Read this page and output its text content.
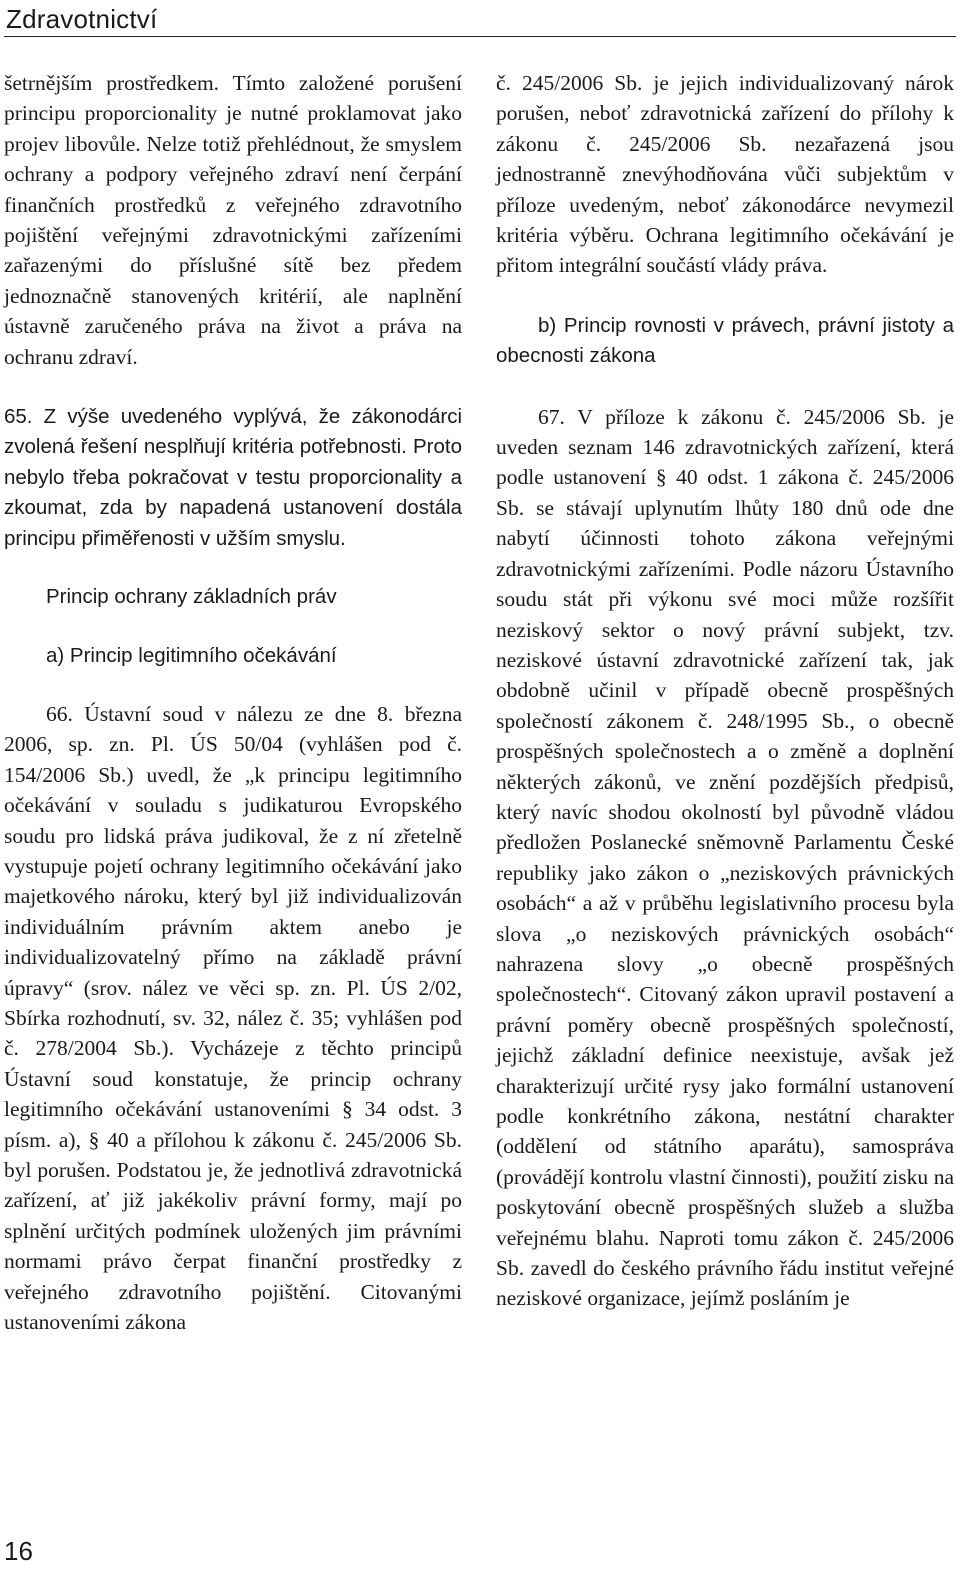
Zdravotnictví

šetrnějším prostředkem. Tímto založené porušení principu proporcionality je nutné proklamovat jako projev libovůle. Nelze totiž přehlédnout, že smyslem ochrany a podpory veřejného zdraví není čerpání finančních prostředků z veřejného zdravotního pojištění veřejnými zdravotnickými zařízeními zařazenými do příslušné sítě bez předem jednoznačně stanovených kritérií, ale naplnění ústavně zaručeného práva na život a práva na ochranu zdraví.

65. Z výše uvedeného vyplývá, že zákonodárci zvolená řešení nesplňují kritéria potřebnosti. Proto nebylo třeba pokračovat v testu proporcionality a zkoumat, zda by napadená ustanovení dostála principu přiměřenosti v užším smyslu.

Princip ochrany základních práv

a) Princip legitimního očekávání

66. Ústavní soud v nálezu ze dne 8. března 2006, sp. zn. Pl. ÚS 50/04 (vyhlášen pod č. 154/2006 Sb.) uvedl, že „k principu legitimního očekávání v souladu s judikaturou Evropského soudu pro lidská práva judikoval, že z ní zřetelně vystupuje pojetí ochrany legitimního očekávání jako majetkového nároku, který byl již individualizován individuálním právním aktem anebo je individualizovatelný přímo na základě právní úpravy“ (srov. nález ve věci sp. zn. Pl. ÚS 2/02, Sbírka rozhodnutí, sv. 32, nález č. 35; vyhlášen pod č. 278/2004 Sb.). Vycházeje z těchto principů Ústavní soud konstatuje, že princip ochrany legitimního očekávání ustanoveními § 34 odst. 3 písm. a), § 40 a přílohou k zákonu č. 245/2006 Sb. byl porušen. Podstatou je, že jednotlivá zdravotnická zařízení, ať již jakékoliv právní formy, mají po splnění určitých podmínek uložených jim právními normami právo čerpat finanční prostředky z veřejného zdravotního pojištění. Citovanými ustanoveními zákona

č. 245/2006 Sb. je jejich individualizovaný nárok porušen, neboť zdravotnická zařízení do přílohy k zákonu č. 245/2006 Sb. nezařazená jsou jednostranně znevýhodňována vůči subjektům v příloze uvedeným, neboť zákonodárce nevymezil kritéria výběru. Ochrana legitimního očekávání je přitom integrální součástí vlády práva.

b) Princip rovnosti v právech, právní jistoty a obecnosti zákona

67. V příloze k zákonu č. 245/2006 Sb. je uveden seznam 146 zdravotnických zařízení, která podle ustanovení § 40 odst. 1 zákona č. 245/2006 Sb. se stávají uplynutím lhůty 180 dnů ode dne nabytí účinnosti tohoto zákona veřejnými zdravotnickými zařízeními. Podle názoru Ústavního soudu stát při výkonu své moci může rozšířit neziskový sektor o nový právní subjekt, tzv. neziskové ústavní zdravotnické zařízení tak, jak obdobně učinil v případě obecně prospěšných společností zákonem č. 248/1995 Sb., o obecně prospěšných společnostech a o změně a doplnění některých zákonů, ve znění pozdějších předpisů, který navíc shodou okolností byl původně vládou předložen Poslanecké sněmovně Parlamentu České republiky jako zákon o „neziskových právnických osobách“ a až v průběhu legislativního procesu byla slova „o neziskových právnických osobách“ nahrazena slovy „o obecně prospěšných společnostech“. Citovaný zákon upravil postavení a právní poměry obecně prospěšných společností, jejichž základní definice neexistuje, avšak jež charakterizují určité rysy jako formální ustanovení podle konkrétního zákona, nestátní charakter (oddělení od státního aparátu), samospráva (provádějí kontrolu vlastní činnosti), použití zisku na poskytování obecně prospěšných služeb a služba veřejnému blahu. Naproti tomu zákon č. 245/2006 Sb. zavedl do českého právního řádu institut veřejné neziskové organizace, jejímž posláním je

16
